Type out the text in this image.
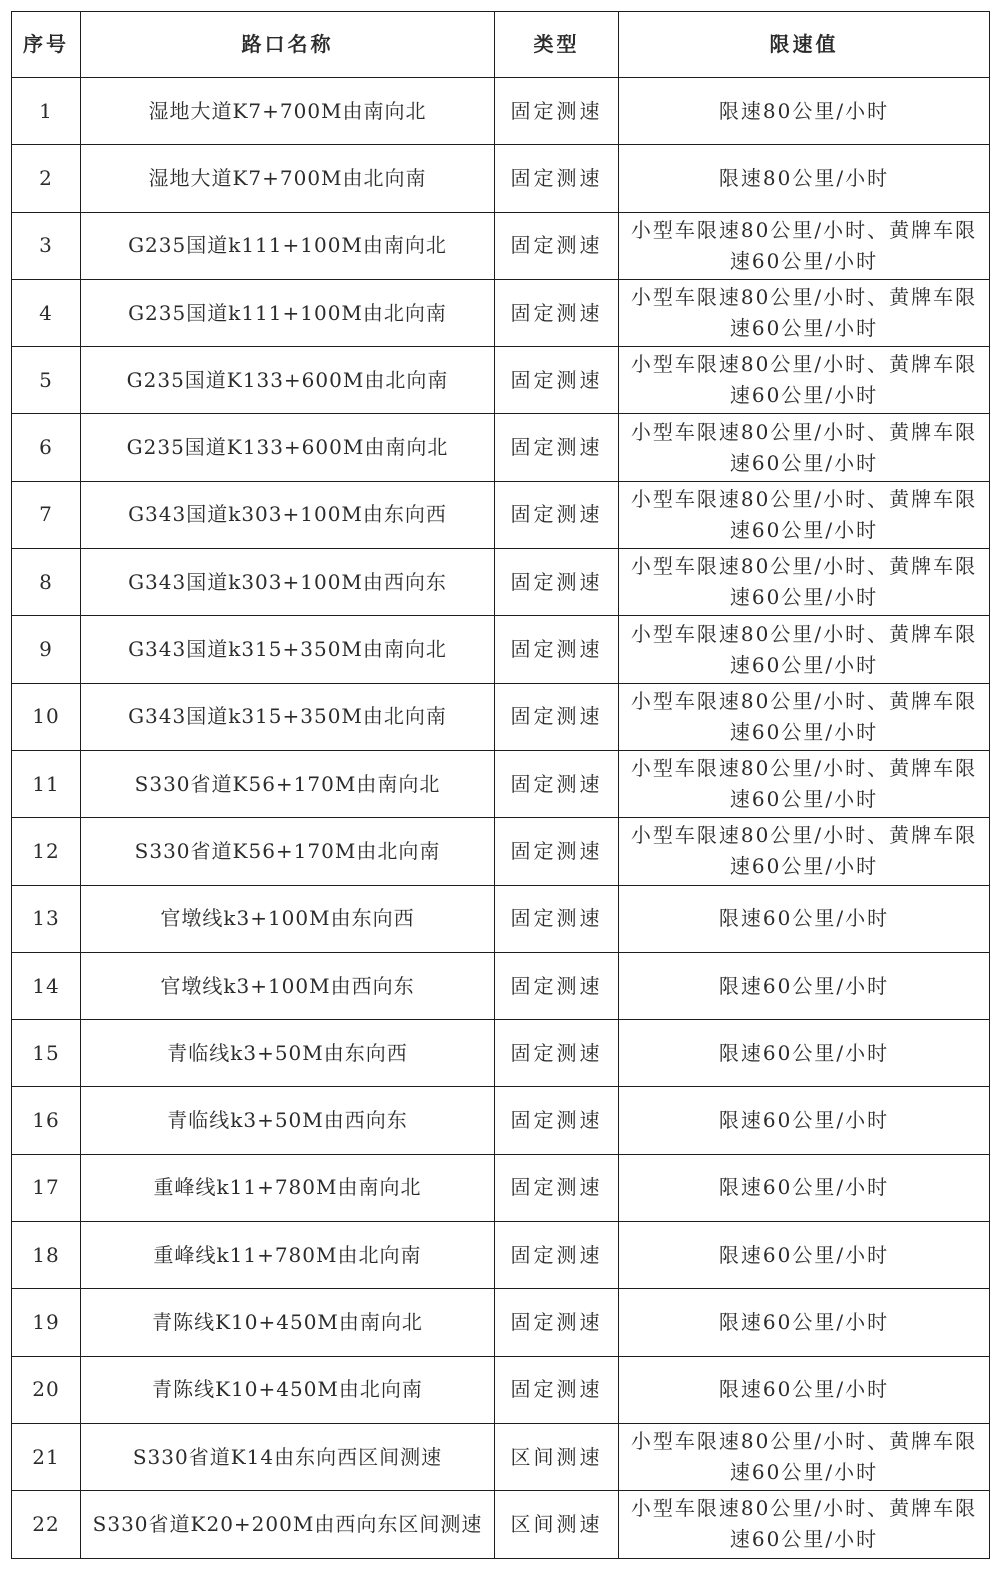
序号	路口名称	类型	限速值
1	湿地大道K7+700M由南向北	固定测速	限速80公里/小时
2	湿地大道K7+700M由北向南	固定测速	限速80公里/小时
3	G235国道k111+100M由南向北	固定测速	小型车限速80公里/小时、黄牌车限速60公里/小时
4	G235国道k111+100M由北向南	固定测速	小型车限速80公里/小时、黄牌车限速60公里/小时
5	G235国道K133+600M由北向南	固定测速	小型车限速80公里/小时、黄牌车限速60公里/小时
6	G235国道K133+600M由南向北	固定测速	小型车限速80公里/小时、黄牌车限速60公里/小时
7	G343国道k303+100M由东向西	固定测速	小型车限速80公里/小时、黄牌车限速60公里/小时
8	G343国道k303+100M由西向东	固定测速	小型车限速80公里/小时、黄牌车限速60公里/小时
9	G343国道k315+350M由南向北	固定测速	小型车限速80公里/小时、黄牌车限速60公里/小时
10	G343国道k315+350M由北向南	固定测速	小型车限速80公里/小时、黄牌车限速60公里/小时
11	S330省道K56+170M由南向北	固定测速	小型车限速80公里/小时、黄牌车限速60公里/小时
12	S330省道K56+170M由北向南	固定测速	小型车限速80公里/小时、黄牌车限速60公里/小时
13	官墩线k3+100M由东向西	固定测速	限速60公里/小时
14	官墩线k3+100M由西向东	固定测速	限速60公里/小时
15	青临线k3+50M由东向西	固定测速	限速60公里/小时
16	青临线k3+50M由西向东	固定测速	限速60公里/小时
17	重峰线k11+780M由南向北	固定测速	限速60公里/小时
18	重峰线k11+780M由北向南	固定测速	限速60公里/小时
19	青陈线K10+450M由南向北	固定测速	限速60公里/小时
20	青陈线K10+450M由北向南	固定测速	限速60公里/小时
21	S330省道K14由东向西区间测速	区间测速	小型车限速80公里/小时、黄牌车限速60公里/小时
22	S330省道K20+200M由西向东区间测速	区间测速	小型车限速80公里/小时、黄牌车限速60公里/小时
